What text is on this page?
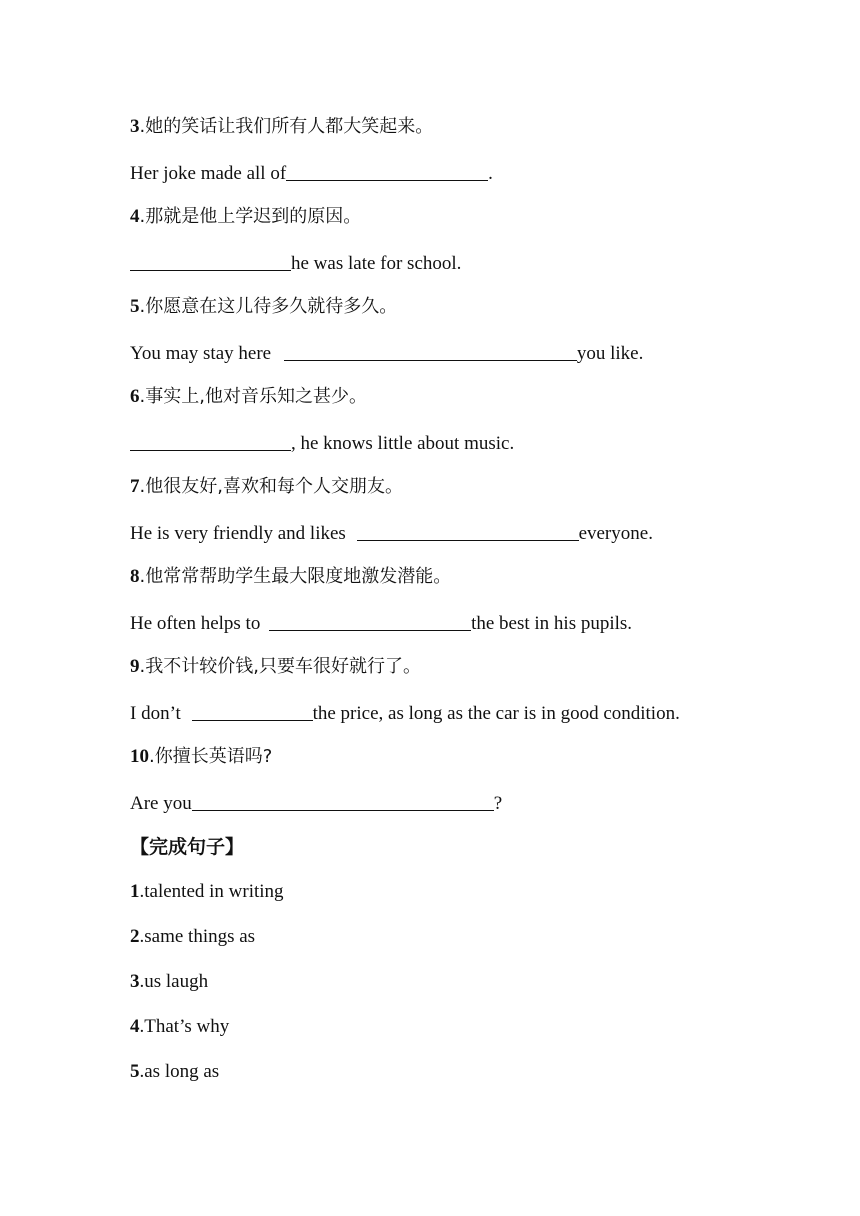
3.她的笑话让我们所有人都大笑起来。
Her joke made all of	.
4.那就是他上学迟到的原因。
he was late for school.
5.你愿意在这儿待多久就待多久。
You may stay here	you like.
6.事实上,他对音乐知之甚少。
, he knows little about music.
7.他很友好,喜欢和每个人交朋友。
He is very friendly and likes	everyone.
8.他常常帮助学生最大限度地激发潜能。
He often helps to	the best in his pupils.
9.我不计较价钱,只要车很好就行了。
I don’t	the price, as long as the car is in good condition.
10.你擅长英语吗?
Are you	?
【完成句子】
1.talented in writing
2.same things as
3.us laugh
4.That’s why
5.as long as
